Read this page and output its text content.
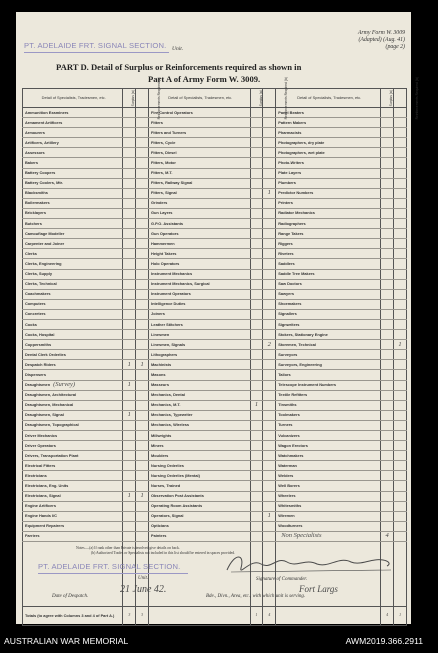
PT. ADELAIDE FRT. SIGNAL SECTION. Unit.
Army Form W. 3009
(Adapted) (Aug. 41)
(page 2)
PART D. Detail of Surplus or Reinforcements required as shown in
Part A of Army Form W. 3009.
Detail of Specialists, Tradesmen, etc.	Surplus (a)	Reinforcements Required (b)	Detail of Specialists, Tradesmen, etc.	Surplus (a)	Reinforcements Required (b)	Detail of Specialists, Tradesmen, etc.	Surplus (a)	Reinforcements Required (b)
Ammunition Examiners			Fire Control Operators			Panel Beaters		
Armament Artificers			Fitters			Pattern Makers		
Armourers			Fitters and Turners			Pharmacists		
Artificers, Artillery			Fitters, Cycle			Photographers, dry plate		
Assessors			Fitters, Diesel			Photographers, wet plate		
Bakers			Fitters, Motor			Photo-Writers		
Battery Coopers			Fitters, M.T.			Plate Layers		
Battery Coolers, Mtr.			Fitters, Railway Signal			Plumbers		
Blacksmiths			Fitters, Signal		1	Predictor Numbers		
Boilermakers			Grinders			Printers		
Bricklayers			Gun Layers			Radiator Mechanics		
Butchers			G.P.O. Assistants			Radiographers		
Camouflage Modeller			Gun Operators			Range Takers		
Carpenter and Joiner			Hammermen			Riggers		
Clerks			Height Takers			Riveters		
Clerks, Engineering			Holo Operators			Saddlers		
Clerks, Supply			Instrument Mechanics			Saddle Tree Makers		
Clerks, Technical			Instrument Mechanics, Surgical			Saw Doctors		
Coachmakers			Instrument Operators			Sawyers		
Computers			Intelligence Duties			Shoemakers		
Concreters			Joiners			Signallers		
Cooks			Leather Stitchers			Signwriters		
Cooks, Hospital			Linesmen			Stokers, Stationary Engine		
Coppersmiths			Linesmen, Signals		2	Storemen, Technical		1
Dental Clerk Orderlies			Lithographers			Surveyors		
Despatch Riders	1	1	Machinists			Surveyors, Engineering		
Dispensers			Masons			Tailors		
Draughtsmen (Survey)	1		Masseurs			Telescope Instrument Numbers		
Draughtsmen, Architectural			Mechanics, Dental			Textile Refitters		
Draughtsmen, Mechanical			Mechanics, M.T.	1		Tinsmiths		
Draughtsmen, Signal	1		Mechanics, Typewriter			Toolmakers		
Draughtsmen, Topographical			Mechanics, Wireless			Turners		
Driver Mechanics			Millwrights			Vulcanizers		
Driver Operators			Miners			Wagon Erectors		
Drivers, Transportation Plant			Moulders			Watchmakers		
Electrical Fitters			Nursing Orderlies			Waterman		
Electricians			Nursing Orderlies (Mental)			Welders		
Electricians, Eng. Units			Nurses, Trained			Well Borers		
Electricians, Signal	1	1	Observation Post Assistants			Wheelers		
Engine Artificers			Operating Room Assistants			Whitesmiths		
Engine Hands I/C			Operators, Signal		1	Wiremen		
Equipment Repairers			Opticians			Woodturners		
Farriers			Painters			Non Specialists	4	

Totals (to agree with Columns 3 and 4 of Part A.)	3	3		1	4		4	1
Notes.—(a) If rank other than Private is involved give details on back.
(b) Authorized Trades or Specialists not included in this list should be entered in spaces provided.
PT. ADELAIDE FRT. SIGNAL SECTION.
Unit.	Signature of Commander.
Date of Despatch.
21 June 42.	Fort Largs
Bde., Divn., Area, etc., with which unit is serving.
AUSTRALIAN WAR MEMORIAL	AWM2019.366.2911
